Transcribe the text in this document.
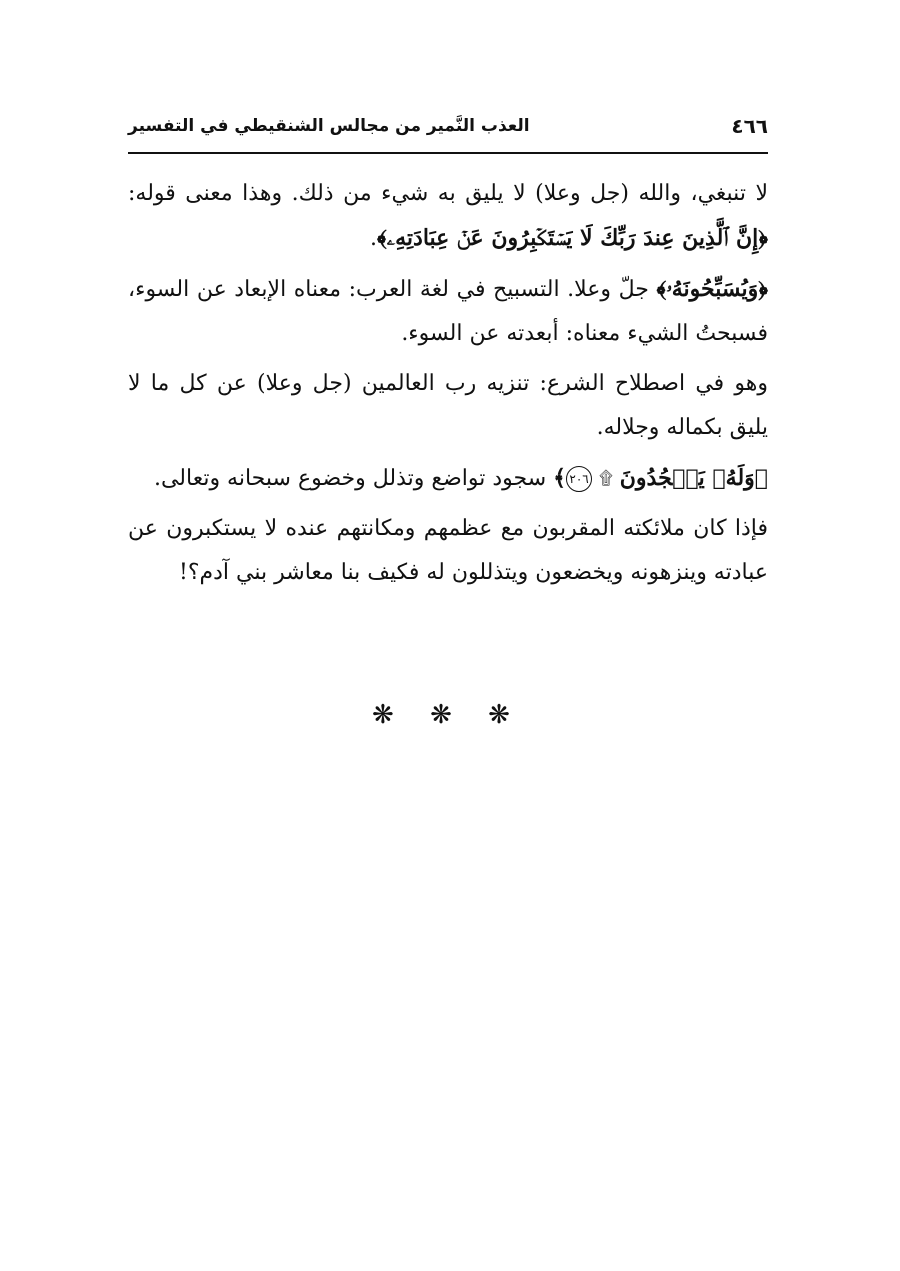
٤٦٦
العذب النَّمير من مجالس الشنقيطي في التفسير

لا تنبغي، والله (جل وعلا) لا يليق به شيء من ذلك. وهذا معنى قوله: ﴿إِنَّ ٱلَّذِينَ عِندَ رَبِّكَ لَا يَسۡتَكۡبِرُونَ عَنۡ عِبَادَتِهِۦ﴾.

﴿وَيُسَبِّحُونَهُۥ﴾ جلّ وعلا. التسبيح في لغة العرب: معناه الإبعاد عن السوء، فسبحتُ الشيء معناه: أبعدته عن السوء.

وهو في اصطلاح الشرع: تنزيه رب العالمين (جل وعلا) عن كل ما لا يليق بكماله وجلاله.

﴿وَلَهُۥ يَسۡجُدُونَ ۩ ٢٠٦﴾ سجود تواضع وتذلل وخضوع سبحانه وتعالى.

فإذا كان ملائكته المقربون مع عظمهم ومكانتهم عنده لا يستكبرون عن عبادته وينزهونه ويخضعون ويتذللون له فكيف بنا معاشر بني آدم؟!

❋ ❋ ❋
